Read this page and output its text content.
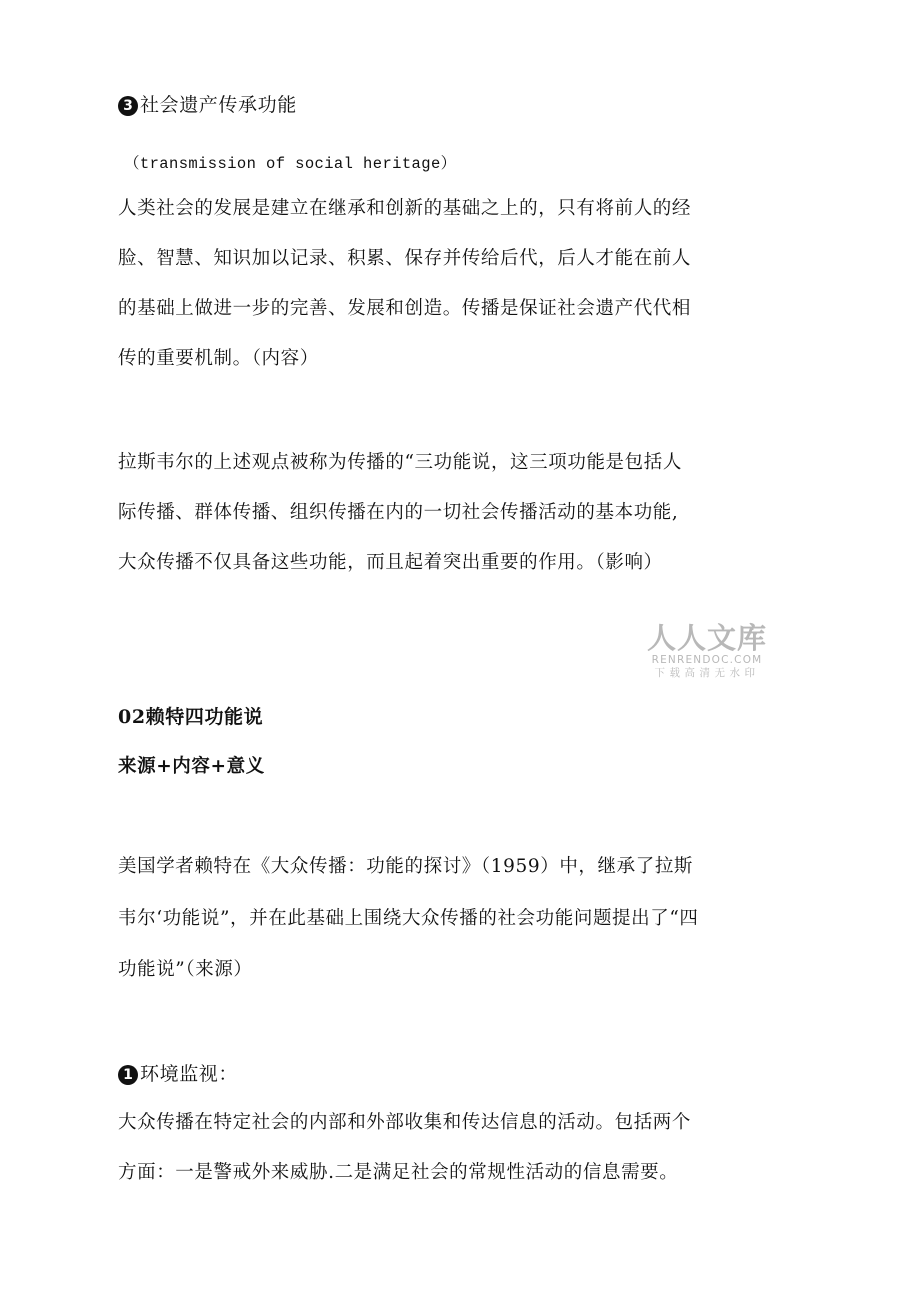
3 社会遗产传承功能
（transmission of social heritage）
人类社会的发展是建立在继承和创新的基础之上的，只有将前人的经
脸、智慧、知识加以记录、积累、保存并传给后代，后人才能在前人
的基础上做进一步的完善、发展和创造。传播是保证社会遗产代代相
传的重要机制。（内容）
拉斯韦尔的上述观点被称为传播的“三功能说，这三项功能是包括人
际传播、群体传播、组织传播在内的一切社会传播活动的基本功能,
大众传播不仅具备这些功能，而且起着突出重要的作用。（影响）
人人文库
RENRENDOC.COM
下载高清无水印
02赖特四功能说
来源+内容+意义
美国学者赖特在《大众传播：功能的探讨》（1959）中，继承了拉斯
韦尔‘功能说”，并在此基础上围绕大众传播的社会功能问题提出了“四
功能说”（来源）
1 环境监视：
大众传播在特定社会的内部和外部收集和传达信息的活动。包括两个
方面：一是警戒外来威胁.二是满足社会的常规性活动的信息需要。
